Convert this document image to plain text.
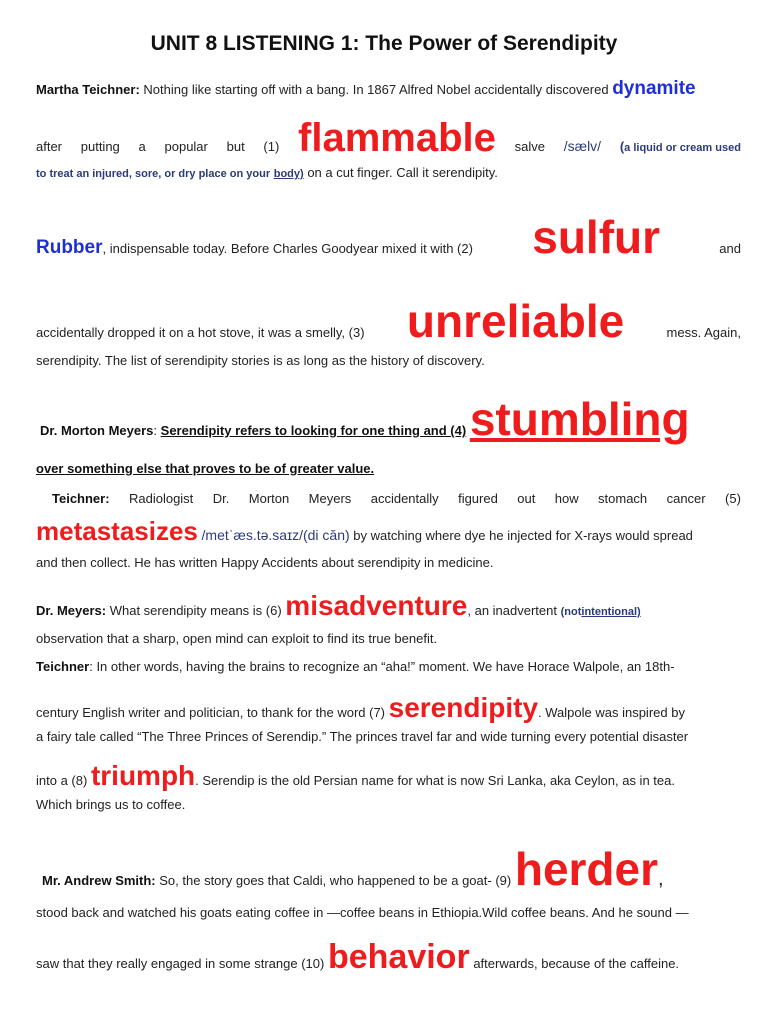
UNIT 8 LISTENING 1: The Power of Serendipity
Martha Teichner: Nothing like starting off with a bang. In 1867 Alfred Nobel accidentally discovered dynamite
after putting a popular but (1) flammable salve /sælv/ (a liquid or cream used
to treat an injured, sore, or dry place on your body) on a cut finger. Call it serendipity.
Rubber, indispensable today. Before Charles Goodyear mixed it with (2) sulfur	and
accidentally dropped it on a hot stove, it was a smelly, (3) unreliable	mess. Again,
serendipity. The list of serendipity stories is as long as the history of discovery.
Dr. Morton Meyers: Serendipity refers to looking for one thing and (4) stumbling
over something else that proves to be of greater value.
Teichner: Radiologist Dr. Morton Meyers accidentally figured out how stomach cancer (5)
metastasizes /metˈæs.tə.saɪz/(di căn) by watching where dye he injected for X-rays would spread
and then collect. He has written Happy Accidents about serendipity in medicine.
Dr. Meyers: What serendipity means is (6) misadventure, an inadvertent (notintentional)
observation that a sharp, open mind can exploit to find its true benefit.
Teichner: In other words, having the brains to recognize an “aha!” moment. We have Horace Walpole, an 18th-
century English writer and politician, to thank for the word (7) serendipity. Walpole was inspired by
a fairy tale called “The Three Princes of Serendip.” The princes travel far and wide turning every potential disaster
into a (8) triumph. Serendip is the old Persian name for what is now Sri Lanka, aka Ceylon, as in tea.
Which brings us to coffee.
Mr. Andrew Smith: So, the story goes that Caldi, who happened to be a goat- (9) herder,
stood back and watched his goats eating coffee in —coffee beans in Ethiopia.Wild coffee beans. And he sound —
saw that they really engaged in some strange (10) behavior afterwards, because of the caffeine.
